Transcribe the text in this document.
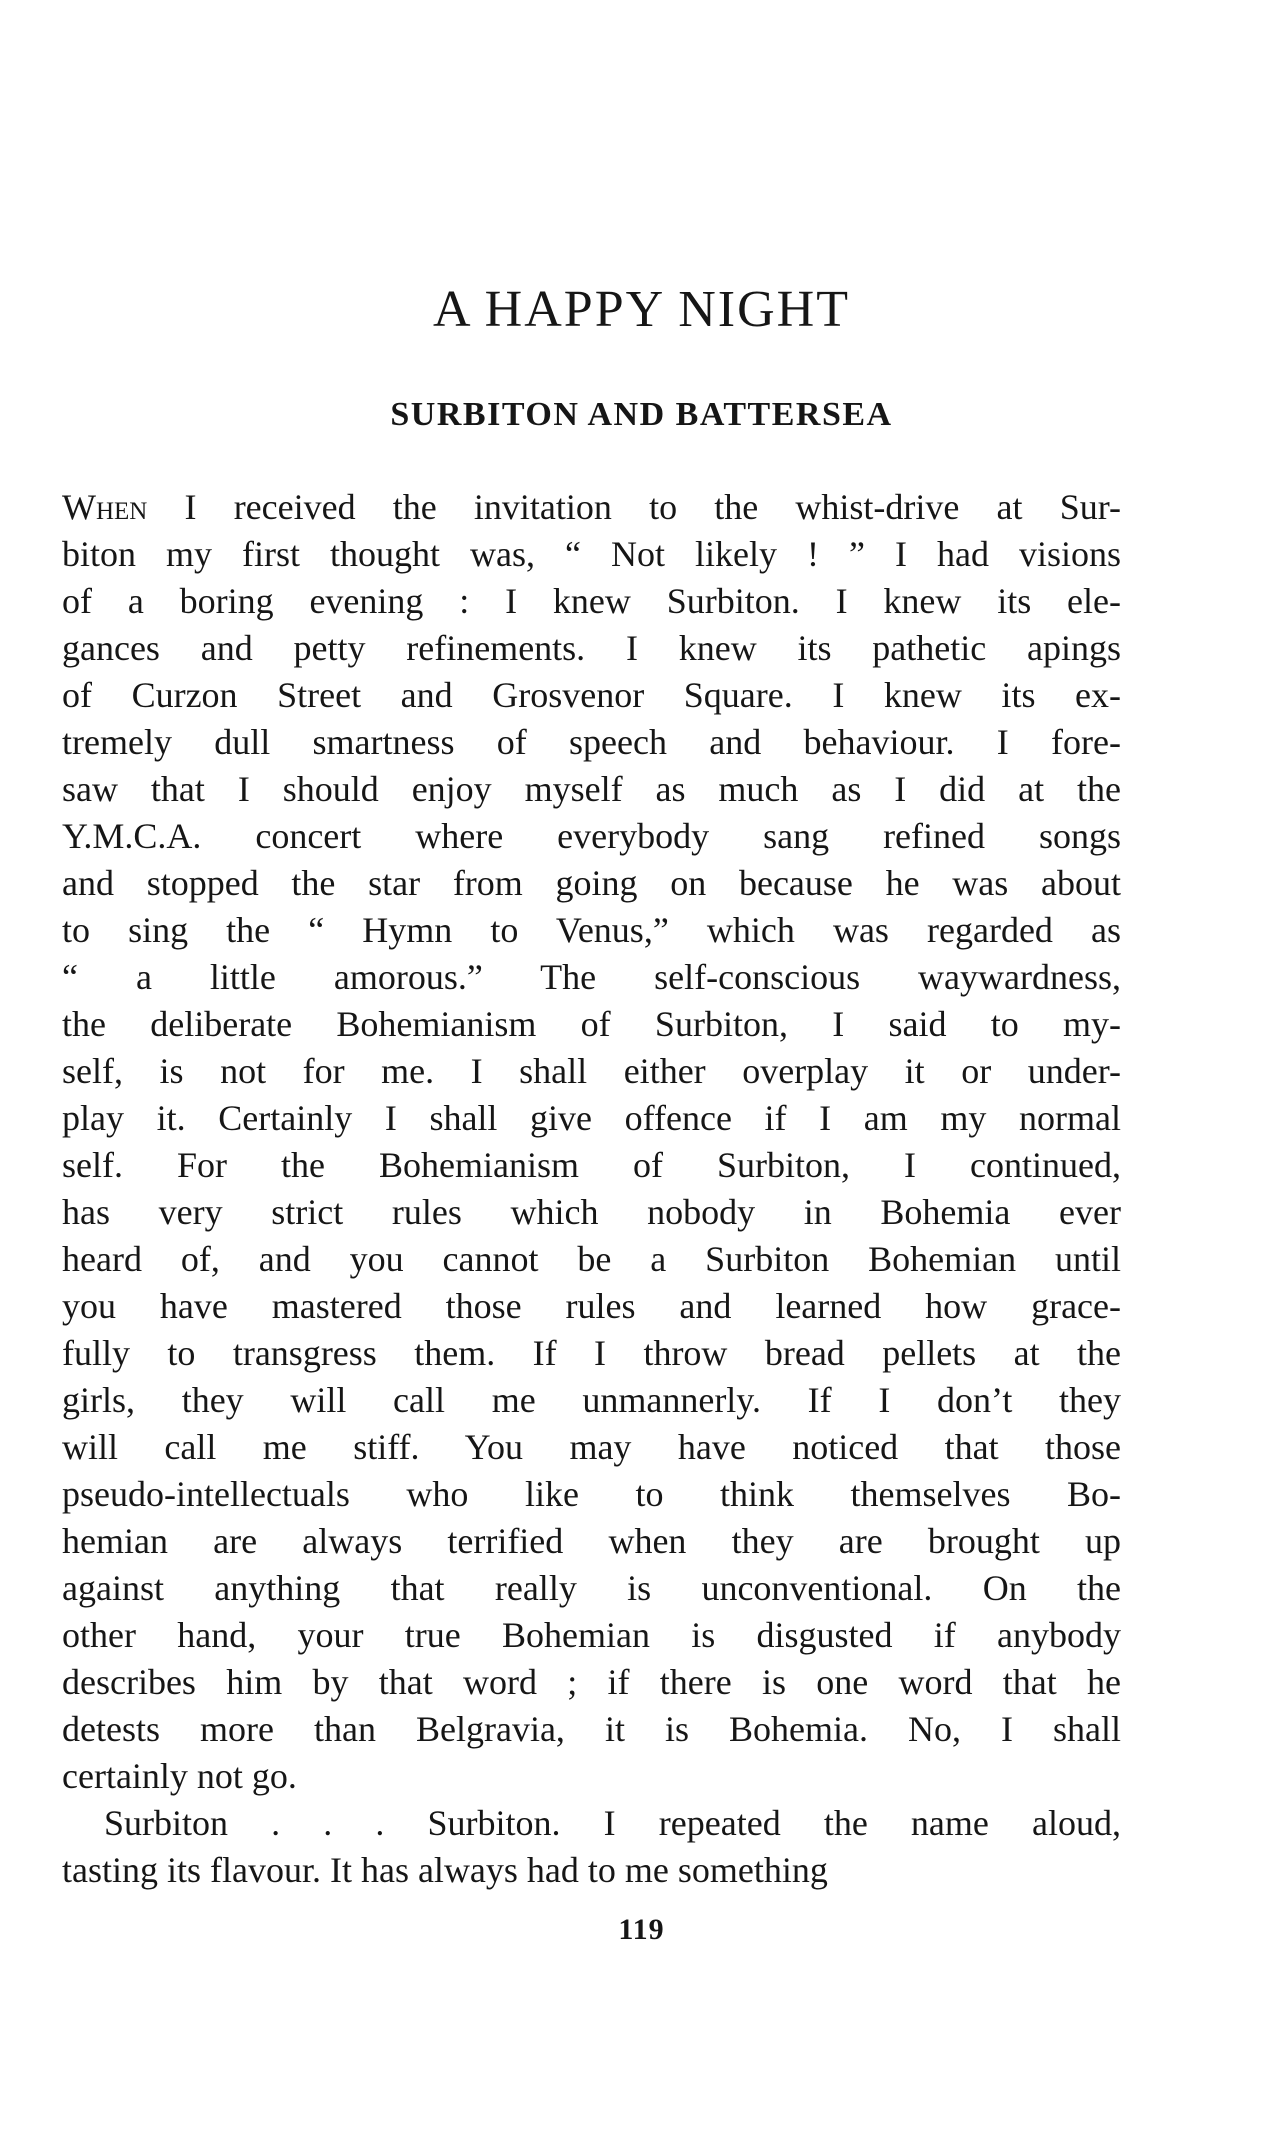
A HAPPY NIGHT
SURBITON AND BATTERSEA
When I received the invitation to the whist-drive at Sur-
biton my first thought was, “ Not likely ! ” I had visions
of a boring evening : I knew Surbiton. I knew its ele-
gances and petty refinements. I knew its pathetic apings
of Curzon Street and Grosvenor Square. I knew its ex-
tremely dull smartness of speech and behaviour. I fore-
saw that I should enjoy myself as much as I did at the
Y.M.C.A. concert where everybody sang refined songs
and stopped the star from going on because he was about
to sing the “ Hymn to Venus,” which was regarded as
“ a little amorous.” The self-conscious waywardness,
the deliberate Bohemianism of Surbiton, I said to my-
self, is not for me. I shall either overplay it or under-
play it. Certainly I shall give offence if I am my normal
self. For the Bohemianism of Surbiton, I continued,
has very strict rules which nobody in Bohemia ever
heard of, and you cannot be a Surbiton Bohemian until
you have mastered those rules and learned how grace-
fully to transgress them. If I throw bread pellets at the
girls, they will call me unmannerly. If I don’t they
will call me stiff. You may have noticed that those
pseudo-intellectuals who like to think themselves Bo-
hemian are always terrified when they are brought up
against anything that really is unconventional. On the
other hand, your true Bohemian is disgusted if anybody
describes him by that word ; if there is one word that he
detests more than Belgravia, it is Bohemia. No, I shall
certainly not go.
Surbiton . . . Surbiton. I repeated the name aloud,
tasting its flavour. It has always had to me something
119
